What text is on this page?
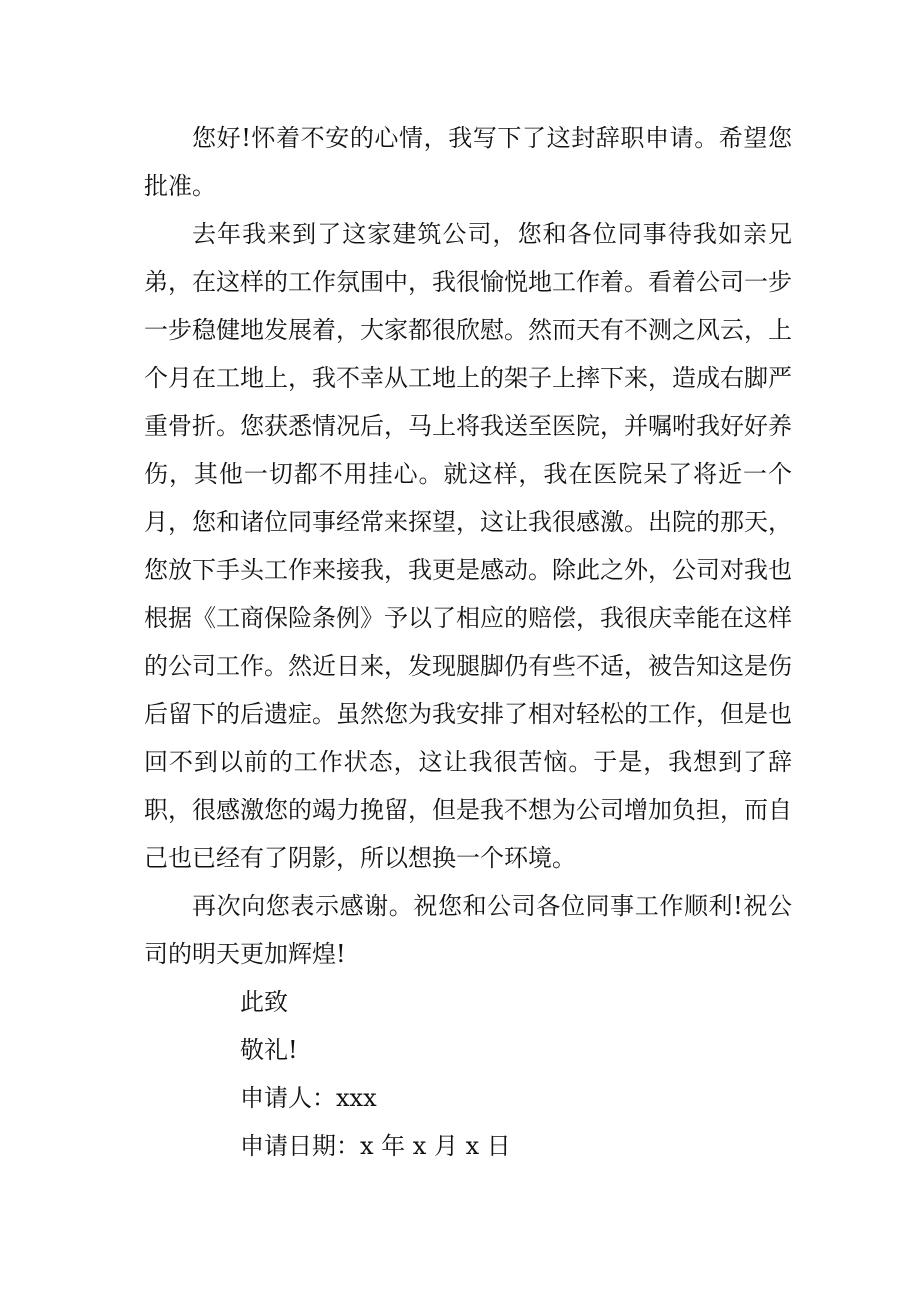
您好!怀着不安的心情，我写下了这封辞职申请。希望您批准。

去年我来到了这家建筑公司，您和各位同事待我如亲兄弟，在这样的工作氛围中，我很愉悦地工作着。看着公司一步一步稳健地发展着，大家都很欣慰。然而天有不测之风云，上个月在工地上，我不幸从工地上的架子上摔下来，造成右脚严重骨折。您获悉情况后，马上将我送至医院，并嘱咐我好好养伤，其他一切都不用挂心。就这样，我在医院呆了将近一个月，您和诸位同事经常来探望，这让我很感激。出院的那天，您放下手头工作来接我，我更是感动。除此之外，公司对我也根据《工商保险条例》予以了相应的赔偿，我很庆幸能在这样的公司工作。然近日来，发现腿脚仍有些不适，被告知这是伤后留下的后遗症。虽然您为我安排了相对轻松的工作，但是也回不到以前的工作状态，这让我很苦恼。于是，我想到了辞职，很感激您的竭力挽留，但是我不想为公司增加负担，而自己也已经有了阴影，所以想换一个环境。

再次向您表示感谢。祝您和公司各位同事工作顺利!祝公司的明天更加辉煌!

此致

敬礼!

申请人：xxx

申请日期：x 年 x 月 x 日
